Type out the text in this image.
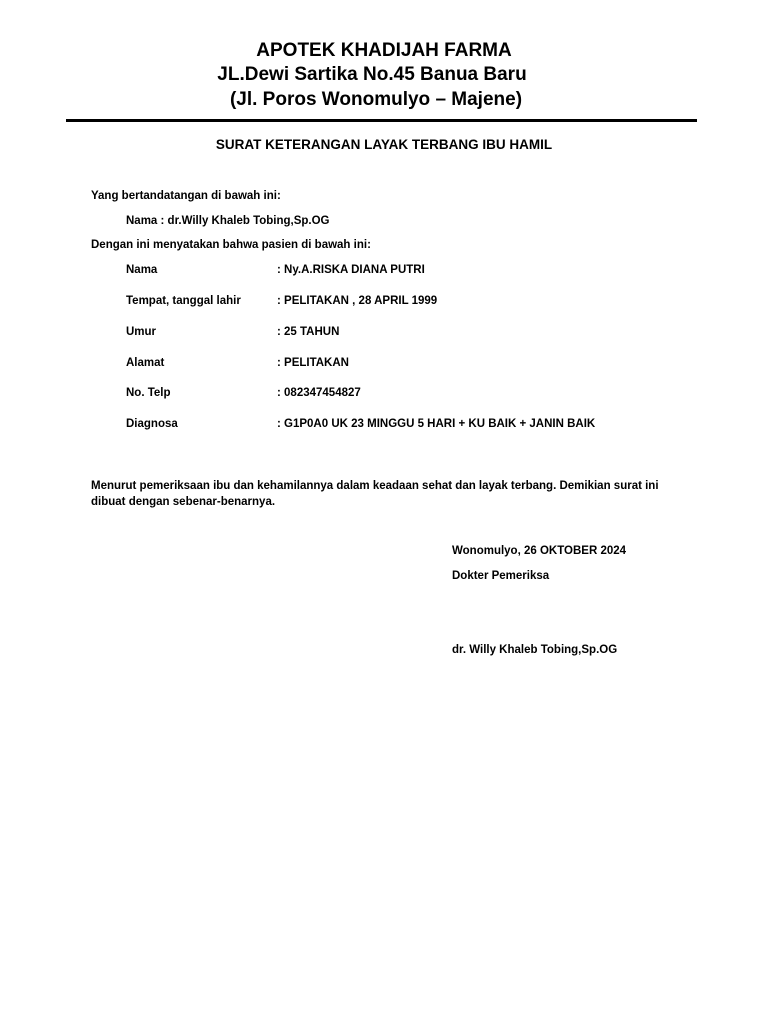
APOTEK KHADIJAH FARMA
JL.Dewi Sartika No.45 Banua Baru
(Jl. Poros Wonomulyo – Majene)
SURAT KETERANGAN LAYAK TERBANG IBU HAMIL
Yang bertandatangan di bawah ini:
Nama : dr.Willy Khaleb Tobing,Sp.OG
Dengan ini menyatakan bahwa pasien di bawah ini:
Nama	: Ny.A.RISKA DIANA PUTRI
Tempat, tanggal lahir	: PELITAKAN , 28 APRIL 1999
Umur	: 25 TAHUN
Alamat	: PELITAKAN
No. Telp	: 082347454827
Diagnosa	: G1P0A0 UK 23 MINGGU 5 HARI + KU BAIK + JANIN BAIK
Menurut pemeriksaan ibu dan kehamilannya dalam keadaan sehat dan layak terbang. Demikian surat ini dibuat dengan sebenar-benarnya.
Wonomulyo, 26 OKTOBER 2024
Dokter Pemeriksa
dr. Willy Khaleb Tobing,Sp.OG
